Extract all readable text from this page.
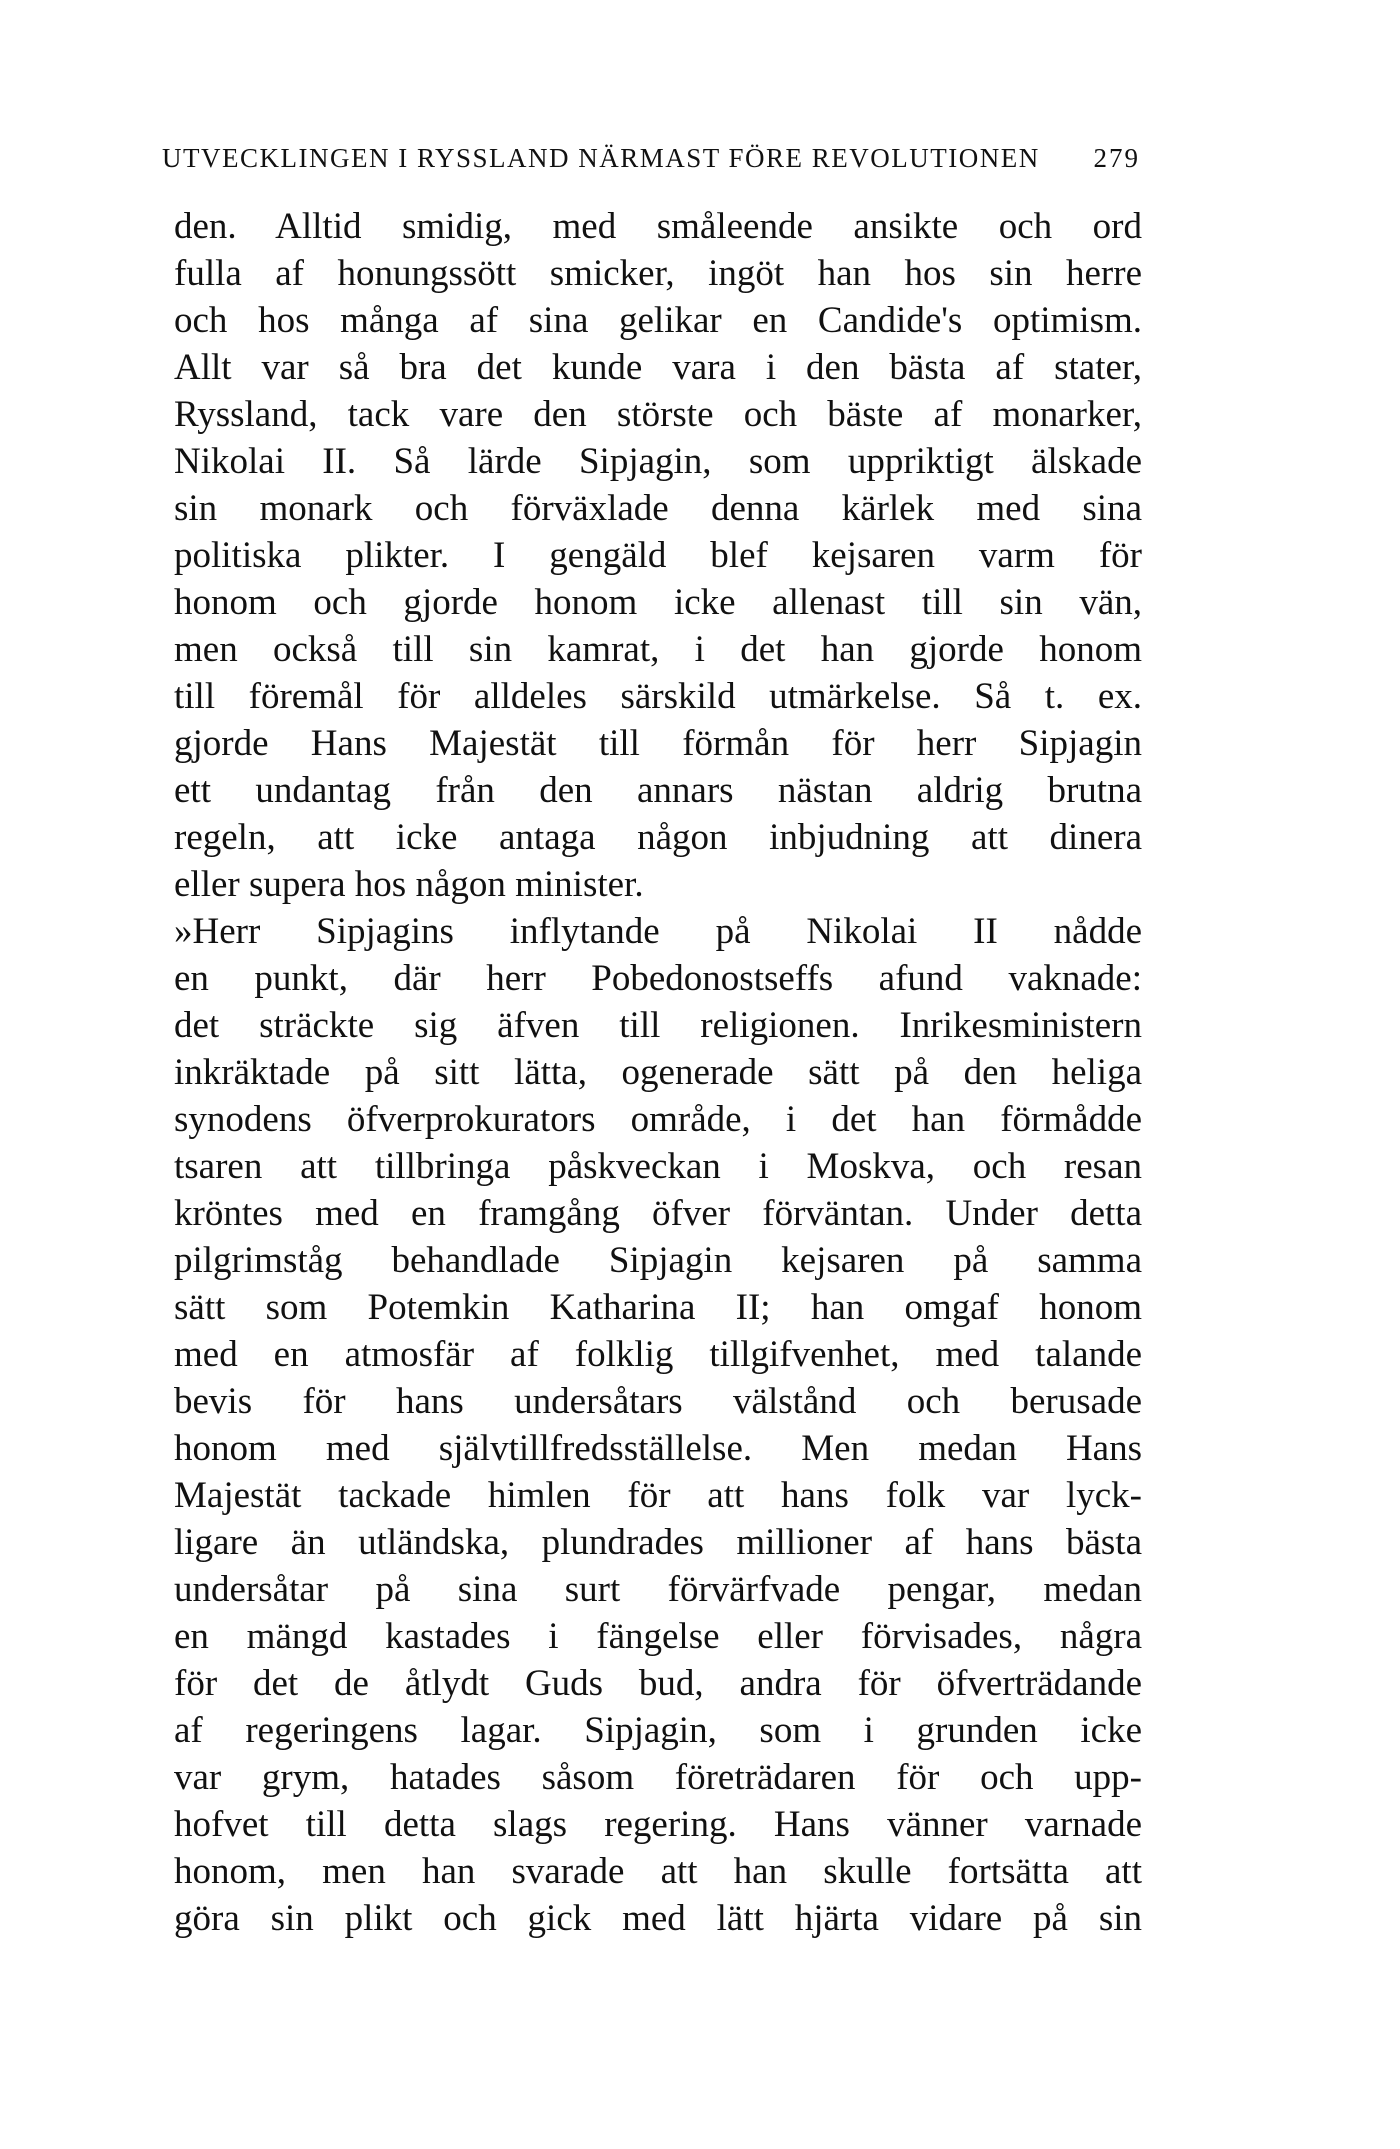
UTVECKLINGEN I RYSSLAND NÄRMAST FÖRE REVOLUTIONEN 279
den. Alltid smidig, med småleende ansikte och ord
fulla af honungssött smicker, ingöt han hos sin herre
och hos många af sina gelikar en Candide's optimism.
Allt var så bra det kunde vara i den bästa af stater,
Ryssland, tack vare den störste och bäste af monarker,
Nikolai II. Så lärde Sipjagin, som uppriktigt älskade
sin monark och förväxlade denna kärlek med sina
politiska plikter. I gengäld blef kejsaren varm för
honom och gjorde honom icke allenast till sin vän,
men också till sin kamrat, i det han gjorde honom
till föremål för alldeles särskild utmärkelse. Så t. ex.
gjorde Hans Majestät till förmån för herr Sipjagin
ett undantag från den annars nästan aldrig brutna
regeln, att icke antaga någon inbjudning att dinera
eller supera hos någon minister.
»Herr Sipjagins inflytande på Nikolai II nådde
en punkt, där herr Pobedonostseffs afund vaknade:
det sträckte sig äfven till religionen. Inrikesministern
inkräktade på sitt lätta, ogenerade sätt på den heliga
synodens öfverprokurators område, i det han förmådde
tsaren att tillbringa påskveckan i Moskva, och resan
kröntes med en framgång öfver förväntan. Under detta
pilgrimståg behandlade Sipjagin kejsaren på samma
sätt som Potemkin Katharina II; han omgaf honom
med en atmosfär af folklig tillgifvenhet, med talande
bevis för hans undersåtars välstånd och berusade
honom med självtillfredsställelse. Men medan Hans
Majestät tackade himlen för att hans folk var lyck-
ligare än utländska, plundrades millioner af hans bästa
undersåtar på sina surt förvärfvade pengar, medan
en mängd kastades i fängelse eller förvisades, några
för det de åtlydt Guds bud, andra för öfverträdande
af regeringens lagar. Sipjagin, som i grunden icke
var grym, hatades såsom företrädaren för och upp-
hofvet till detta slags regering. Hans vänner varnade
honom, men han svarade att han skulle fortsätta att
göra sin plikt och gick med lätt hjärta vidare på sin
